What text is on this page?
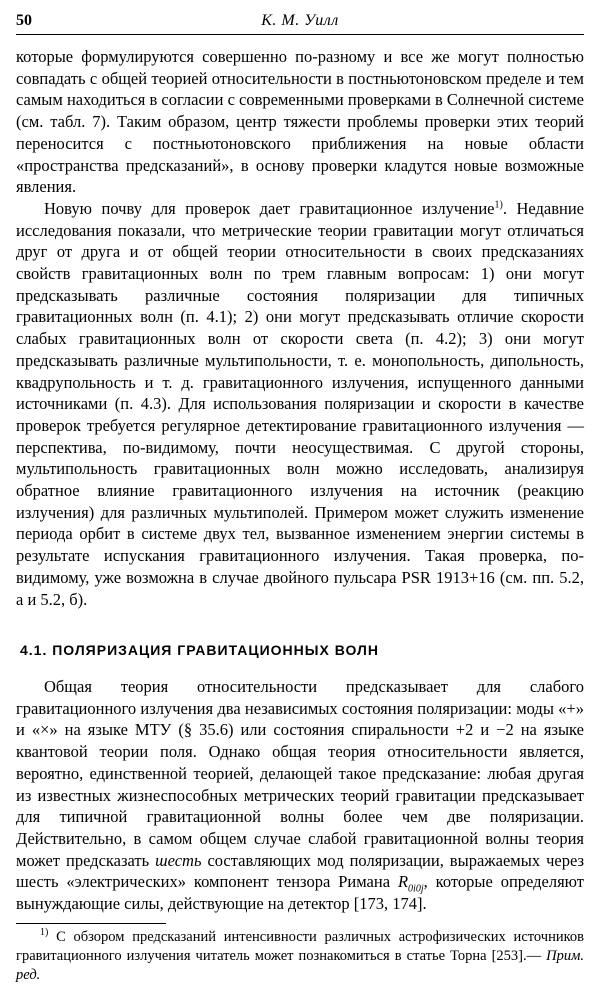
50	К. М. Уилл

которые формулируются совершенно по-разному и все же могут полностью совпадать с общей теорией относительности в постньютоновском пределе и тем самым находиться в согласии с современными проверками в Солнечной системе (см. табл. 7). Таким образом, центр тяжести проблемы проверки этих теорий переносится с постньютоновского приближения на новые области «пространства предсказаний», в основу проверки кладутся новые возможные явления.

Новую почву для проверок дает гравитационное излучение$^{1)}$. Недавние исследования показали, что метрические теории гравитации могут отличаться друг от друга и от общей теории относительности в своих предсказаниях свойств гравитационных волн по трем главным вопросам: 1) они могут предсказывать различные состояния поляризации для типичных гравитационных волн (п. 4.1); 2) они могут предсказывать отличие скорости слабых гравитационных волн от скорости света (п. 4.2); 3) они могут предсказывать различные мультипольности, т. е. монопольность, дипольность, квадрупольность и т. д. гравитационного излучения, испущенного данными источниками (п. 4.3). Для использования поляризации и скорости в качестве проверок требуется регулярное детектирование гравитационного излучения — перспектива, по-видимому, почти неосуществимая. С другой стороны, мультипольность гравитационных волн можно исследовать, анализируя обратное влияние гравитационного излучения на источник (реакцию излучения) для различных мультиполей. Примером может служить изменение периода орбит в системе двух тел, вызванное изменением энергии системы в результате испускания гравитационного излучения. Такая проверка, по-видимому, уже возможна в случае двойного пульсара PSR 1913+16 (см. пп. 5.2, а и 5.2, б).

4.1. ПОЛЯРИЗАЦИЯ ГРАВИТАЦИОННЫХ ВОЛН

Общая теория относительности предсказывает для слабого гравитационного излучения два независимых состояния поляризации: моды «+» и «×» на языке МТУ (§ 35.6) или состояния спиральности +2 и −2 на языке квантовой теории поля. Однако общая теория относительности является, вероятно, единственной теорией, делающей такое предсказание: любая другая из известных жизнеспособных метрических теорий гравитации предсказывает для типичной гравитационной волны более чем две поляризации. Действительно, в самом общем случае слабой гравитационной волны теория может предсказать шесть составляющих мод поляризации, выражаемых через шесть «электрических» компонент тензора Римана $R_{0i0j}$, которые определяют вынуждающие силы, действующие на детектор [173, 174].

$^{1)}$ С обзором предсказаний интенсивности различных астрофизических источников гравитационного излучения читатель может познакомиться в статье Торна [253].— Прим. ред.
